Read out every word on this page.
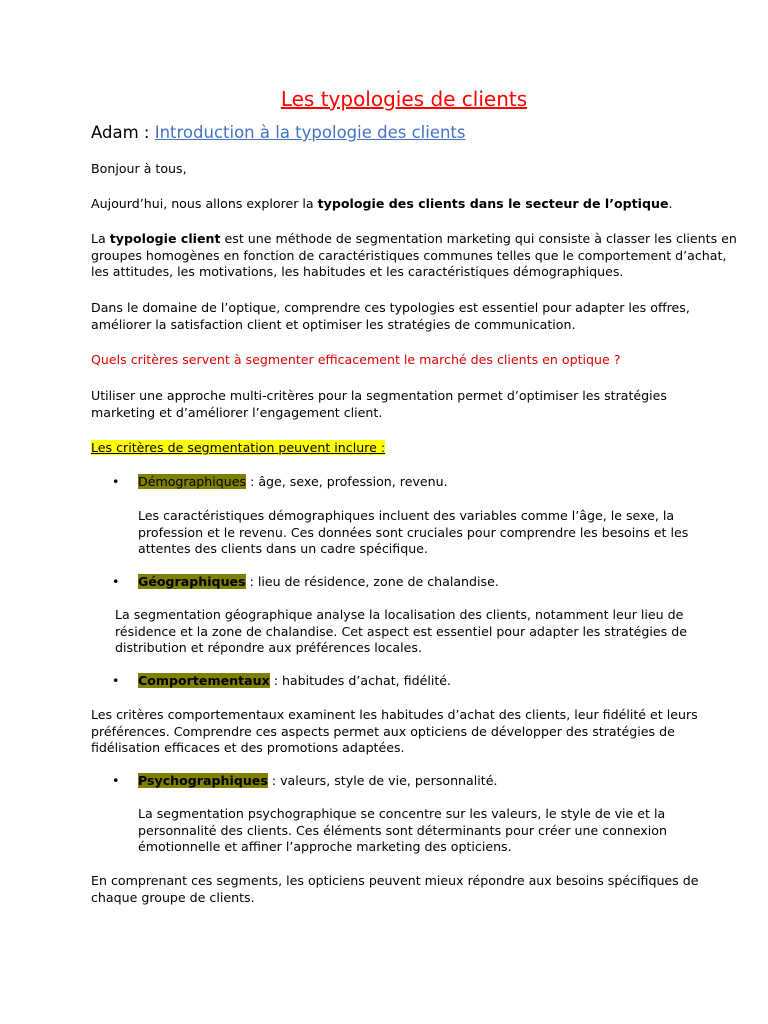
Les typologies de clients
Adam : Introduction à la typologie des clients

Bonjour à tous,

Aujourd’hui, nous allons explorer la typologie des clients dans le secteur de l’optique.

La typologie client est une méthode de segmentation marketing qui consiste à classer les clients en
groupes homogènes en fonction de caractéristiques communes telles que le comportement d’achat,
les attitudes, les motivations, les habitudes et les caractéristiques démographiques.
Dans le domaine de l’optique, comprendre ces typologies est essentiel pour adapter les offres,
améliorer la satisfaction client et optimiser les stratégies de communication.

Quels critères servent à segmenter efficacement le marché des clients en optique ?

Utiliser une approche multi-critères pour la segmentation permet d’optimiser les stratégies
marketing et d’améliorer l’engagement client.

Les critères de segmentation peuvent inclure :

• Démographiques : âge, sexe, profession, revenu.

Les caractéristiques démographiques incluent des variables comme l’âge, le sexe, la
profession et le revenu. Ces données sont cruciales pour comprendre les besoins et les
attentes des clients dans un cadre spécifique.
• Géographiques : lieu de résidence, zone de chalandise.

La segmentation géographique analyse la localisation des clients, notamment leur lieu de
résidence et la zone de chalandise. Cet aspect est essentiel pour adapter les stratégies de
distribution et répondre aux préférences locales.
• Comportementaux : habitudes d’achat, fidélité.

Les critères comportementaux examinent les habitudes d’achat des clients, leur fidélité et leurs
préférences. Comprendre ces aspects permet aux opticiens de développer des stratégies de
fidélisation efficaces et des promotions adaptées.
• Psychographiques : valeurs, style de vie, personnalité.

La segmentation psychographique se concentre sur les valeurs, le style de vie et la
personnalité des clients. Ces éléments sont déterminants pour créer une connexion
émotionnelle et affiner l’approche marketing des opticiens.
En comprenant ces segments, les opticiens peuvent mieux répondre aux besoins spécifiques de
chaque groupe de clients.
